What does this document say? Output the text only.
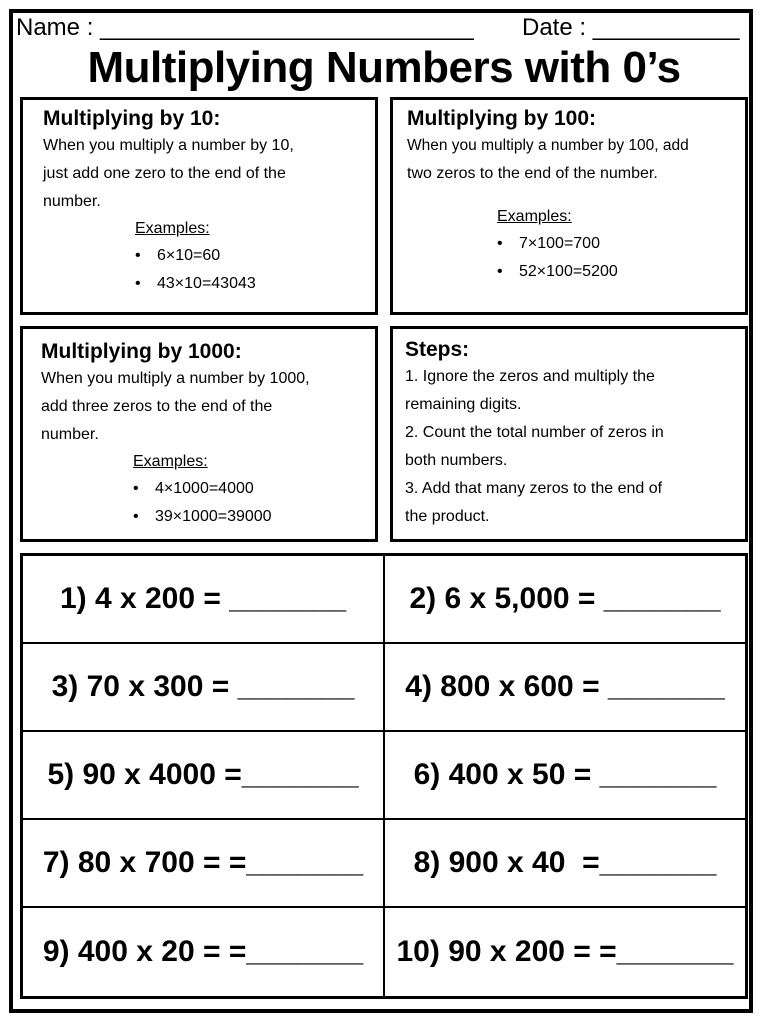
Name : ____________________________ Date : ___________
Multiplying Numbers with 0’s
Multiplying by 10:

When you multiply a number by 10,

just add one zero to the end of the

number.

Examples:
• 6×10=60
• 43×10=43043
Multiplying by 100:

When you multiply a number by 100, add

two zeros to the end of the number.

Examples:
• 7×100=700
• 52×100=5200
Multiplying by 1000:

When you multiply a number by 1000,

add three zeros to the end of the

number.

Examples:
• 4×1000=4000
• 39×1000=39000
Steps:

1. Ignore the zeros and multiply the

remaining digits.

2. Count the total number of zeros in

both numbers.

3. Add that many zeros to the end of

the product.

1) 4 x 200 = _______	2) 6 x 5,000 = _______
3) 70 x 300 = _______	4) 800 x 600 = _______
5) 90 x 4000 =_______	6) 400 x 50 = _______
7) 80 x 700 = =_______	8) 900 x 40  =_______
9) 400 x 20 = =_______	10) 90 x 200 = =_______
